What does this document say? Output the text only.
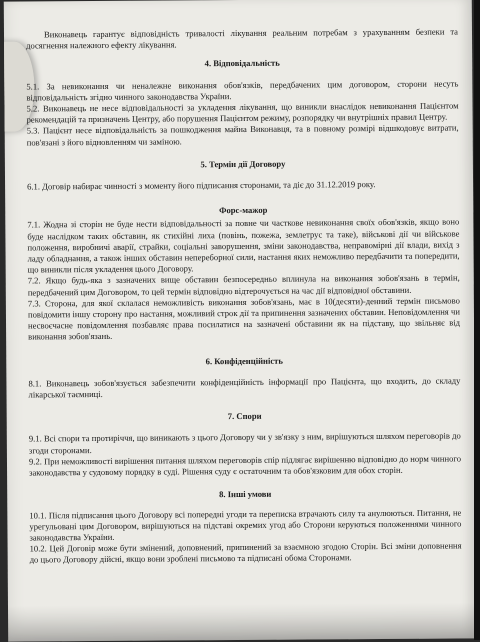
Виконавець гарантує відповідність тривалості лікування реальним потребам з урахуванням безпеки та досягнення належного ефекту лікування.

4. Відповідальність

5.1. За невиконання чи неналежне виконання обов'язків, передбачених цим договором, сторони несуть відповідальність згідно чинного законодавства України.

5.2. Виконавець не несе відповідальності за укладення лікування, що виникли внаслідок невиконання Пацієнтом рекомендацій та призначень Центру, або порушення Пацієнтом режиму, розпорядку чи внутрішніх правил Центру.

5.3. Пацієнт несе відповідальність за пошкодження майна Виконавця, та в повному розмірі відшкодовує витрати, пов'язані з його відновленням чи заміною.

5. Термін дії Договору

6.1. Договір набирає чинності з моменту його підписання сторонами, та діє до 31.12.2019 року.

Форс-мажор

7.1. Жодна зі сторін не буде нести відповідальності за повне чи часткове невиконання своїх обов'язків, якщо воно буде наслідком таких обставин, як стихійні лиха (повінь, пожежа, землетрус та таке), військові дії чи військове положення, виробничі аварії, страйки, соціальні заворушення, зміни законодавства, неправомірні дії влади, вихід з ладу обладнання, а також інших обставин непереборної сили, настання яких неможливо передбачити та попередити, що виникли після укладення цього Договору.

7.2. Якщо будь-яка з зазначених вище обставин безпосередньо вплинула на виконання зобов'язань в термін, передбачений цим Договором, то цей термін відповідно відтерочується на час дії відповідної обставини.

7.3. Сторона, для якої склалася неможливість виконання зобов'язань, має в 10(десяти)-денний термін письмово повідомити іншу сторону про настання, можливий строк дії та припинення зазначених обставин. Неповідомлення чи несвоєчасне повідомлення позбавляє права посилатися на зазначені обставини як на підставу, що звільняє від виконання зобов'язань.

6. Конфіденційність

8.1. Виконавець зобов'язується забезпечити конфіденційність інформації про Пацієнта, що входить, до складу лікарської таємниці.

7. Спори

9.1. Всі спори та протиріччя, що виникають з цього Договору чи у зв'язку з ним, вирішуються шляхом переговорів до згоди сторонами.

9.2. При неможливості вирішення питання шляхом переговорів спір підлягає вирішенню відповідно до норм чинного законодавства у судовому порядку в суді. Рішення суду є остаточним та обов'язковим для обох сторін.

8. Інші умови

10.1. Після підписання цього Договору всі попередні угоди та переписка втрачають силу та анулюються. Питання, не урегульовані цим Договором, вирішуються на підставі окремих угод або Сторони керуються положеннями чинного законодавства України.

10.2. Цей Договір може бути змінений, доповнений, припинений за взаємною згодою Сторін. Всі зміни доповнення до цього Договору дійсні, якщо вони зроблені письмово та підписані обома Сторонами.
